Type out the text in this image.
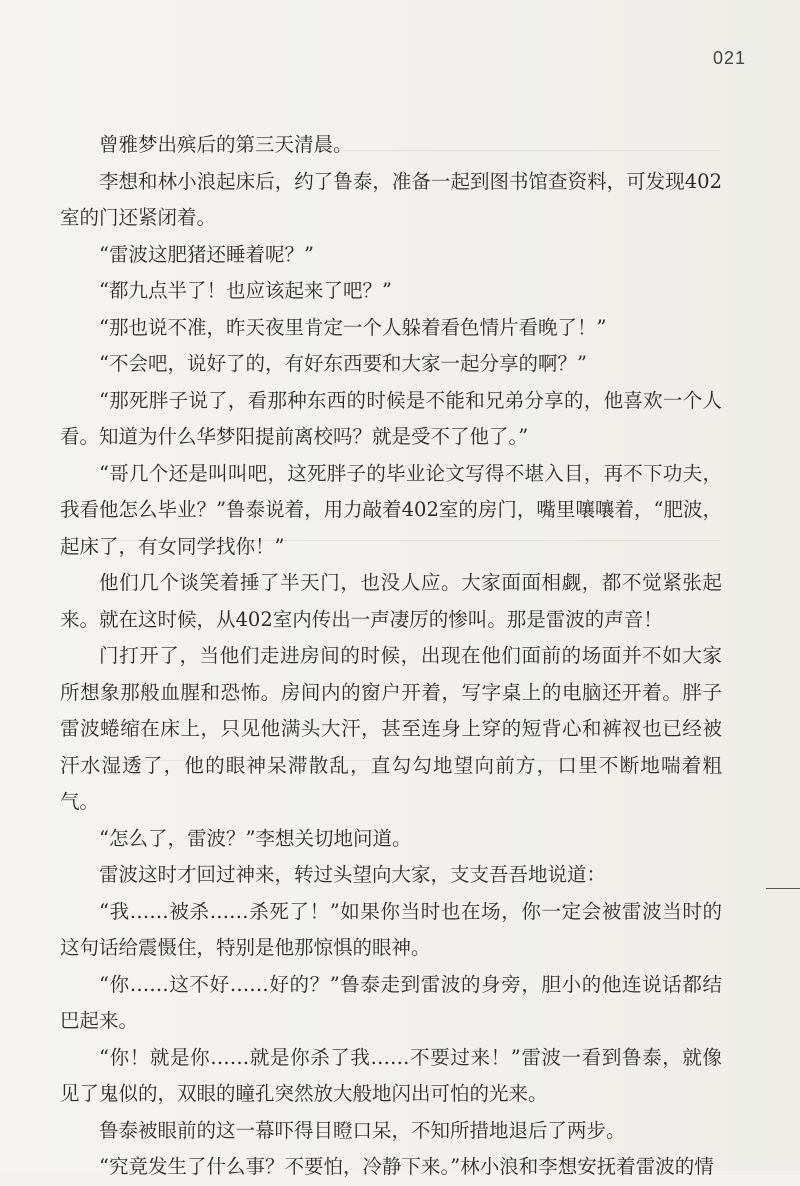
021

曾雅梦出殡后的第三天清晨。

李想和林小浪起床后，约了鲁泰，准备一起到图书馆查资料，可发现402室的门还紧闭着。

“雷波这肥猪还睡着呢？”

“都九点半了！也应该起来了吧？”

“那也说不准，昨天夜里肯定一个人躲着看色情片看晚了！”

“不会吧，说好了的，有好东西要和大家一起分享的啊？”

“那死胖子说了，看那种东西的时候是不能和兄弟分享的，他喜欢一个人看。知道为什么华梦阳提前离校吗？就是受不了他了。”

“哥几个还是叫叫吧，这死胖子的毕业论文写得不堪入目，再不下功夫，我看他怎么毕业？”鲁泰说着，用力敲着402室的房门，嘴里嚷嚷着，“肥波，起床了，有女同学找你！”

他们几个谈笑着捶了半天门，也没人应。大家面面相觑，都不觉紧张起来。就在这时候，从402室内传出一声凄厉的惨叫。那是雷波的声音！

门打开了，当他们走进房间的时候，出现在他们面前的场面并不如大家所想象那般血腥和恐怖。房间内的窗户开着，写字桌上的电脑还开着。胖子雷波蜷缩在床上，只见他满头大汗，甚至连身上穿的短背心和裤衩也已经被汗水湿透了，他的眼神呆滞散乱，直勾勾地望向前方，口里不断地喘着粗气。

“怎么了，雷波？”李想关切地问道。

雷波这时才回过神来，转过头望向大家，支支吾吾地说道：

“我……被杀……杀死了！”如果你当时也在场，你一定会被雷波当时的这句话给震慑住，特别是他那惊惧的眼神。

“你……这不好……好的？”鲁泰走到雷波的身旁，胆小的他连说话都结巴起来。

“你！就是你……就是你杀了我……不要过来！”雷波一看到鲁泰，就像见了鬼似的，双眼的瞳孔突然放大般地闪出可怕的光来。

鲁泰被眼前的这一幕吓得目瞪口呆，不知所措地退后了两步。

“究竟发生了什么事？不要怕，冷静下来。”林小浪和李想安抚着雷波的情
